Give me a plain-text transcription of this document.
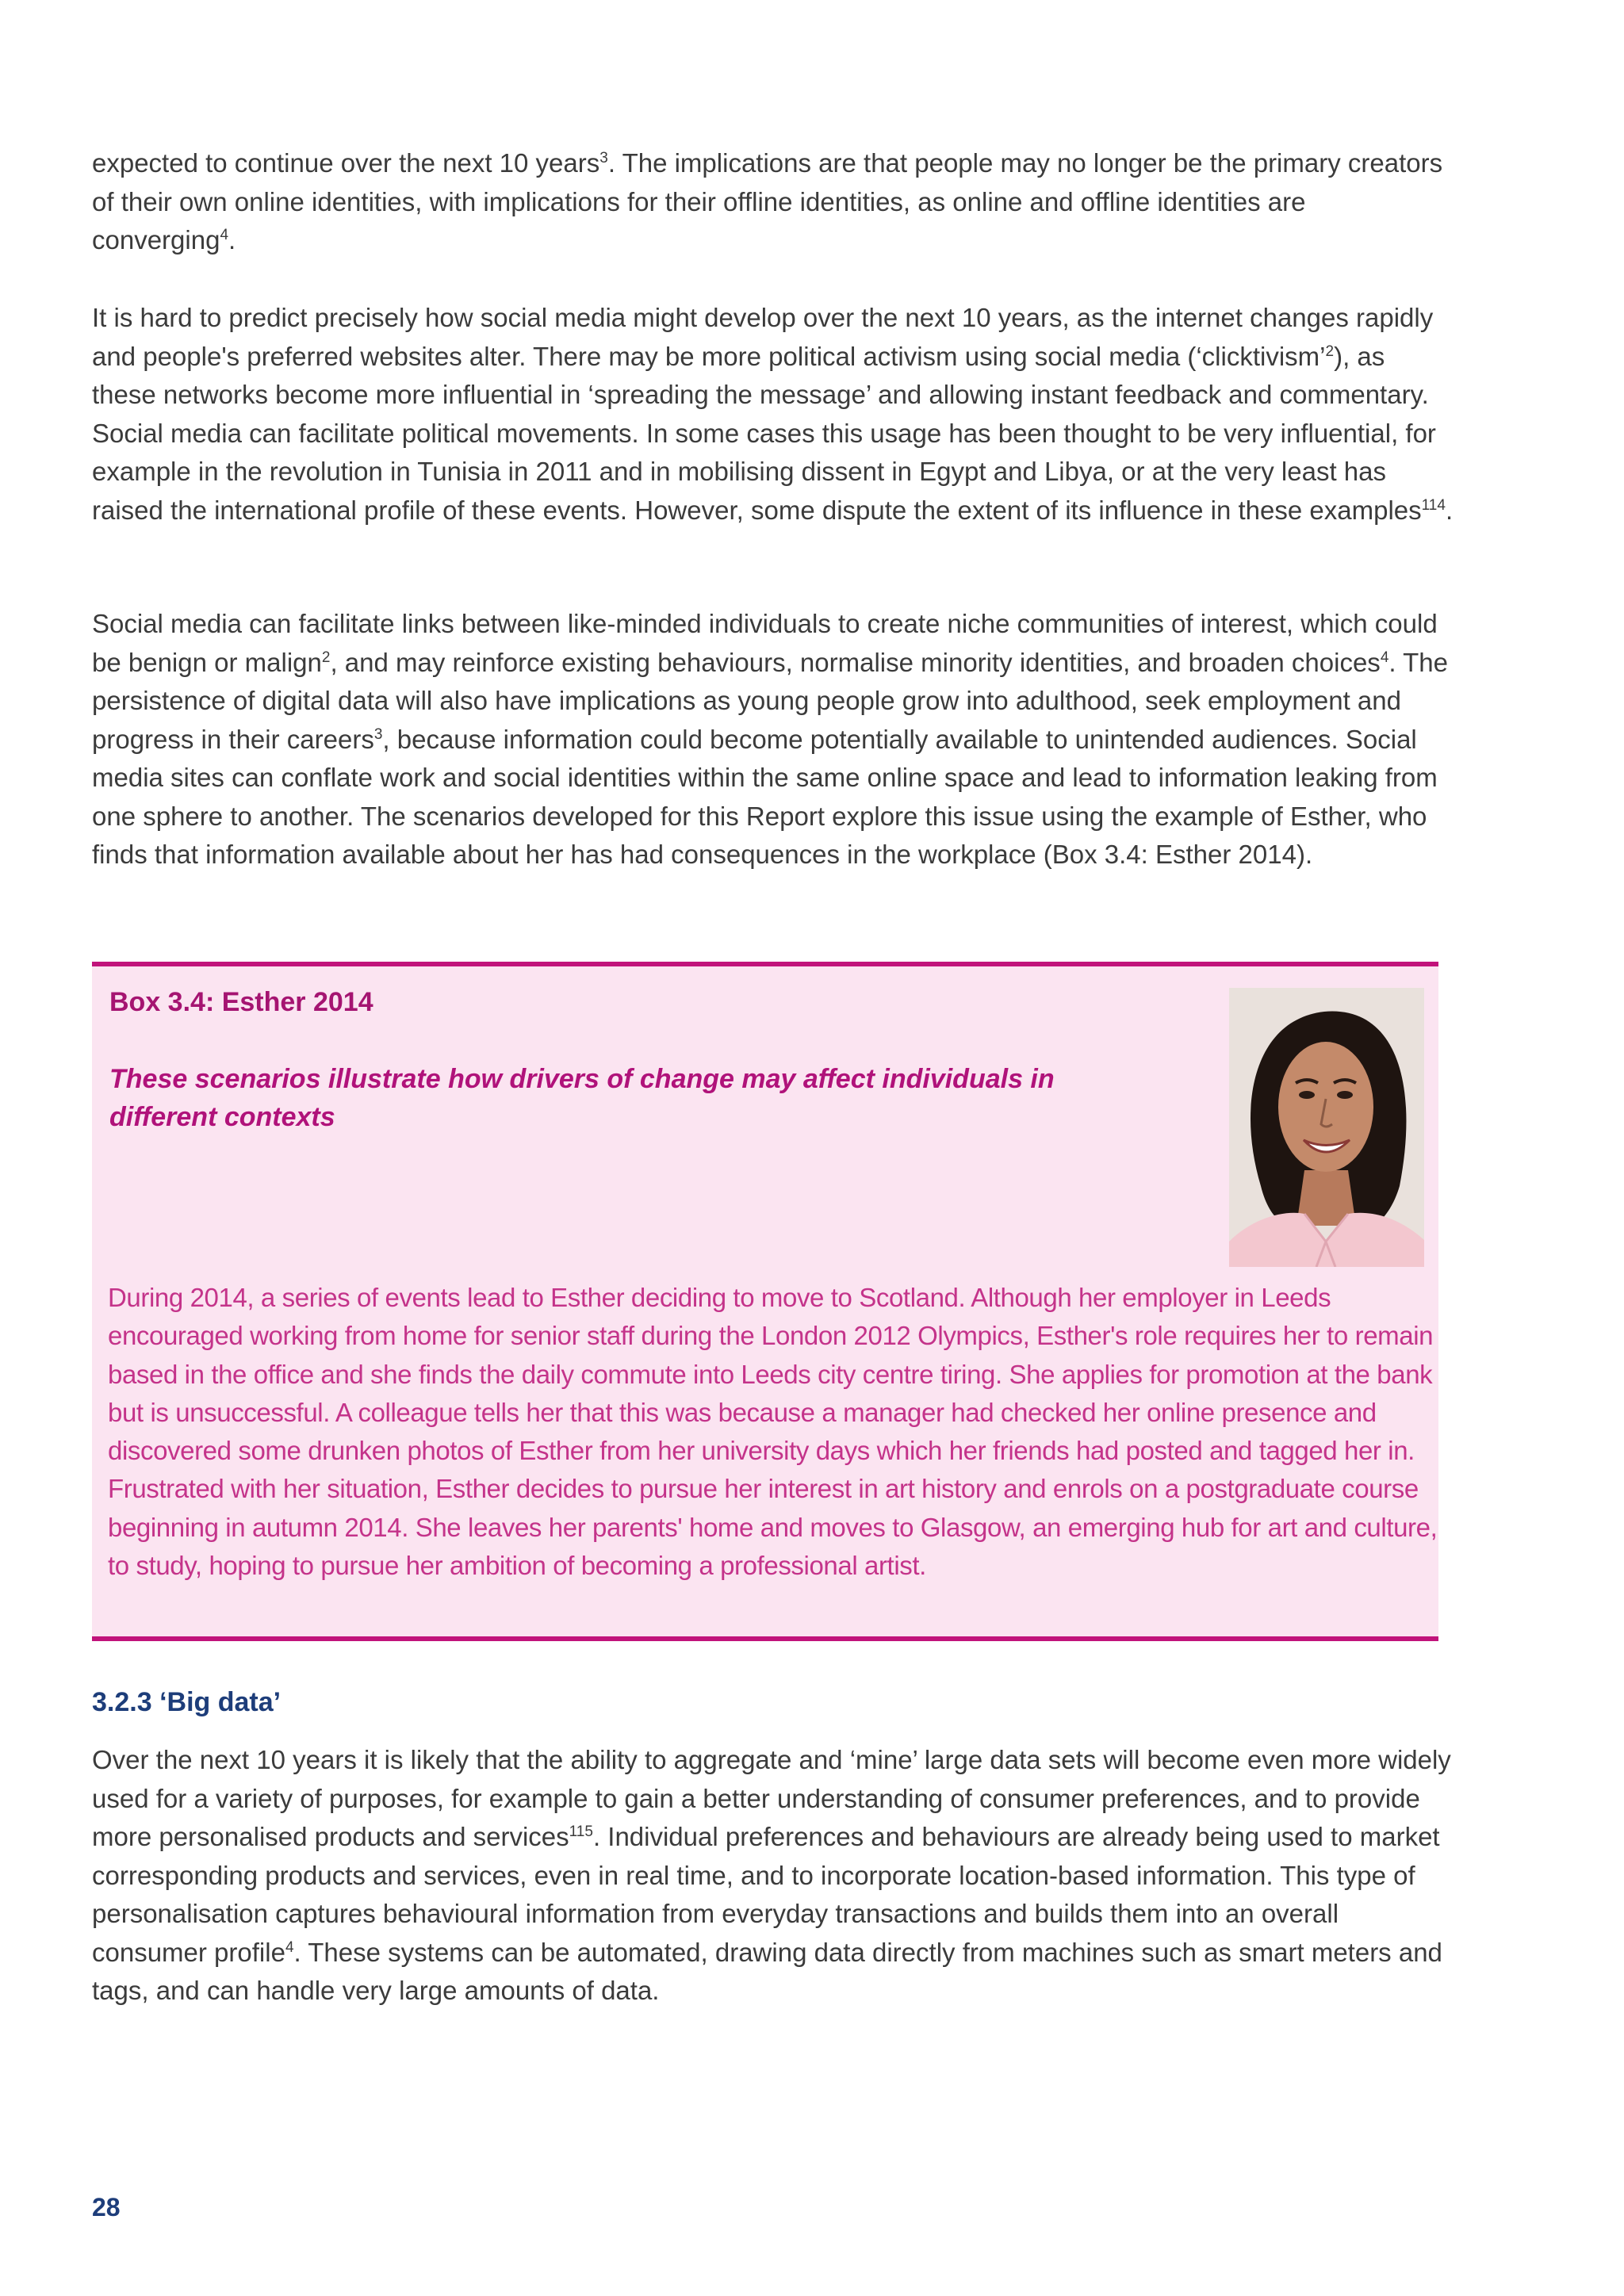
expected to continue over the next 10 years$^3$. The implications are that people may no longer be the primary creators of their own online identities, with implications for their offline identities, as online and offline identities are converging$^4$.

It is hard to predict precisely how social media might develop over the next 10 years, as the internet changes rapidly and people's preferred websites alter. There may be more political activism using social media (‘clicktivism’$^2$), as these networks become more influential in ‘spreading the message’ and allowing instant feedback and commentary. Social media can facilitate political movements. In some cases this usage has been thought to be very influential, for example in the revolution in Tunisia in 2011 and in mobilising dissent in Egypt and Libya, or at the very least has raised the international profile of these events. However, some dispute the extent of its influence in these examples$^{114}$.

Social media can facilitate links between like-minded individuals to create niche communities of interest, which could be benign or malign$^2$, and may reinforce existing behaviours, normalise minority identities, and broaden choices$^4$. The persistence of digital data will also have implications as young people grow into adulthood, seek employment and progress in their careers$^3$, because information could become potentially available to unintended audiences. Social media sites can conflate work and social identities within the same online space and lead to information leaking from one sphere to another. The scenarios developed for this Report explore this issue using the example of Esther, who finds that information available about her has had consequences in the workplace (Box 3.4: Esther 2014).

Box 3.4: Esther 2014

These scenarios illustrate how drivers of change may affect individuals in different contexts

During 2014, a series of events lead to Esther deciding to move to Scotland. Although her employer in Leeds encouraged working from home for senior staff during the London 2012 Olympics, Esther's role requires her to remain based in the office and she finds the daily commute into Leeds city centre tiring. She applies for promotion at the bank but is unsuccessful. A colleague tells her that this was because a manager had checked her online presence and discovered some drunken photos of Esther from her university days which her friends had posted and tagged her in. Frustrated with her situation, Esther decides to pursue her interest in art history and enrols on a postgraduate course beginning in autumn 2014. She leaves her parents' home and moves to Glasgow, an emerging hub for art and culture, to study, hoping to pursue her ambition of becoming a professional artist.

3.2.3 ‘Big data’

Over the next 10 years it is likely that the ability to aggregate and ‘mine’ large data sets will become even more widely used for a variety of purposes, for example to gain a better understanding of consumer preferences, and to provide more personalised products and services$^{115}$. Individual preferences and behaviours are already being used to market corresponding products and services, even in real time, and to incorporate location-based information. This type of personalisation captures behavioural information from everyday transactions and builds them into an overall consumer profile$^4$. These systems can be automated, drawing data directly from machines such as smart meters and tags, and can handle very large amounts of data.

28
